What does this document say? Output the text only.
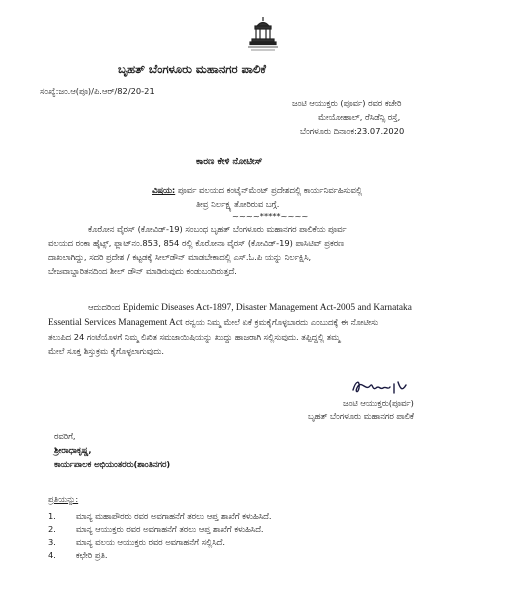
ಬೃಹತ್ ಬೆಂಗಳೂರು ಮಹಾನಗರ ಪಾಲಿಕೆ
ಸಂಖ್ಯೆ:ಜಂ.ಆ(ಪೂ)/ಪಿ.ಆರ್/82/20-21
ಜಂಟಿ ಆಯುಕ್ತರು (ಪೂರ್ವ) ರವರ ಕಚೇರಿ
ಮೇಯೋಹಾಲ್, ರೆಸಿಡೆನ್ಸಿ ರಸ್ತೆ,
ಬೆಂಗಳೂರು ದಿನಾಂಕ:23.07.2020
ಕಾರಣ ಕೇಳಿ ನೋಟೀಸ್
ವಿಷಯ: ಪೂರ್ವ ವಲಯದ ಕಂಟೈನ್‌ಮೆಂಟ್ ಪ್ರದೇಶದಲ್ಲಿ ಕಾರ್ಯನಿರ್ವಹಿಸುವಲ್ಲಿ
ತೀವ್ರ ನಿರ್ಲಕ್ಷ್ಯ ತೋರಿರುವ ಬಗ್ಗೆ.
~~~~*****~~~~
ಕೊರೋನ ವೈರಸ್ (ಕೋವಿಡ್-19) ಸಂಬಂಧ ಬೃಹತ್ ಬೆಂಗಳೂರು ಮಹಾನಗರ ಪಾಲಿಕೆಯ ಪೂರ್ವ
ವಲಯದ ರಂಕಾ ಹೈಟ್ಸ್, ಫ್ಲಾಟ್‌ನಂ.853, 854 ರಲ್ಲಿ ಕೊರೋನಾ ವೈರಸ್ (ಕೋವಿಡ್-19) ಪಾಸಿಟಿವ್ ಪ್ರಕರಣ
ದಾಖಲಾಗಿದ್ದು, ಸದರಿ ಪ್ರದೇಶ / ಕಟ್ಟಡಕ್ಕೆ ಸೀಲ್‌ಡೌನ್ ಮಾಡಬೇಕಾದಲ್ಲಿ ಎಸ್.ಓ.ಪಿ ಯನ್ನು ನಿರ್ಲಕ್ಷಿಸಿ,
ಬೇಜವಾಬ್ದಾರಿತನದಿಂದ ಶೀಲ್ ಡೌನ್ ಮಾಡಿರುವುದು ಕಂಡುಬಂದಿರುತ್ತದೆ.
ಆದುದರಿಂದ Epidemic Diseases Act-1897, Disaster Management Act-2005 and Karnataka
Essential Services Management Act ರನ್ವಯ ನಿಮ್ಮ ಮೇಲೆ ಏಕೆ ಕ್ರಮಕೈಗೊಳ್ಳಬಾರದು ಎಂಬುದಕ್ಕೆ ಈ ನೋಟೀಸು
ತಲುಪಿದ 24 ಗಂಟೆಯೊಳಗೆ ನಿಮ್ಮ ಲಿಖಿತ ಸಮಜಾಯಿಷಿಯನ್ನು ಖುದ್ದು ಹಾಜರಾಗಿ ಸಲ್ಲಿಸುವುದು. ತಪ್ಪಿದ್ದಲ್ಲಿ ತಮ್ಮ
ಮೇಲೆ ಸೂಕ್ತ ಶಿಸ್ತುಕ್ರಮ ಕೈಗೊಳ್ಳಲಾಗುವುದು.
ಜಂಟಿ ಆಯುಕ್ತರು(ಪೂರ್ವ)
ಬೃಹತ್ ಬೆಂಗಳೂರು ಮಹಾನಗರ ಪಾಲಿಕೆ
ರವರಿಗೆ,
ಶ್ರೀರಾಧಾಕೃಷ್ಣ,
ಕಾರ್ಯಪಾಲಕ ಅಭಿಯಂತರರು(ಶಾಂತಿನಗರ)
ಪ್ರತಿಯನ್ನು:
1. ಮಾನ್ಯ ಮಹಾಪೌರರು ರವರ ಅವಗಾಹನೆಗೆ ತರಲು ಆಪ್ತ ಶಾಖೆಗೆ ಕಳುಹಿಸಿದೆ.
2. ಮಾನ್ಯ ಆಯುಕ್ತರು ರವರ ಅವಗಾಹನೆಗೆ ತರಲು ಆಪ್ತ ಶಾಖೆಗೆ ಕಳುಹಿಸಿದೆ.
3. ಮಾನ್ಯ ವಲಯ ಆಯುಕ್ತರು ರವರ ಅವಗಾಹನೆಗೆ ಸಲ್ಲಿಸಿದೆ.
4. ಕಛೇರಿ ಪ್ರತಿ.
